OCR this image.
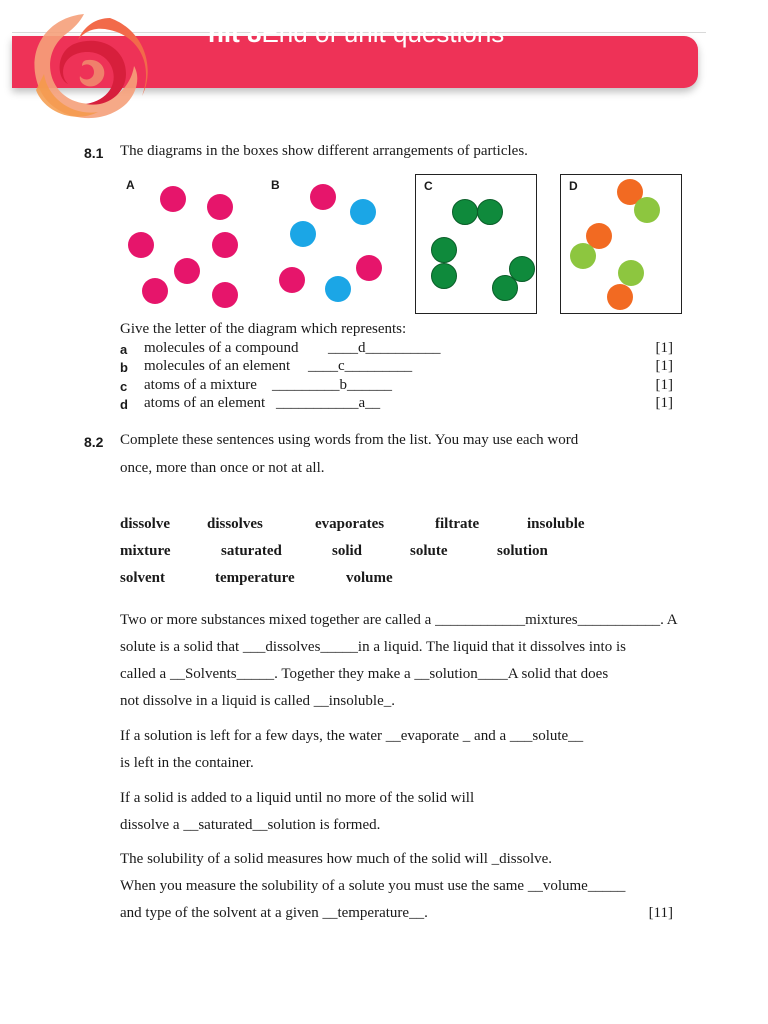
nit 8End of unit questions
8.1 The diagrams in the boxes show different arrangements of particles.
A	B	C	D
Give the letter of the diagram which represents:
a molecules of a compound ____d__________	[1]
b molecules of an element ____c_________	[1]
c atoms of a mixture _________b______	[1]
d atoms of an element ___________a__	[1]
8.2 Complete these sentences using words from the list. You may use each word
once, more than once or not at all.
dissolve dissolves	evaporates	filtrate	insoluble
mixture	saturated	solid	solute	solution
solvent	temperature	volume
Two or more substances mixed together are called a ____________mixtures___________. A
solute is a solid that ___dissolves_____in a liquid. The liquid that it dissolves into is
called a __Solvents_____. Together they make a __solution____A solid that does
not dissolve in a liquid is called __insoluble_.
If a solution is left for a few days, the water __evaporate _ and a ___solute__
is left in the container.
If a solid is added to a liquid until no more of the solid will
dissolve a __saturated__solution is formed.
The solubility of a solid measures how much of the solid will _dissolve.
When you measure the solubility of a solute you must use the same __volume_____
and type of the solvent at a given __temperature__.	[11]
